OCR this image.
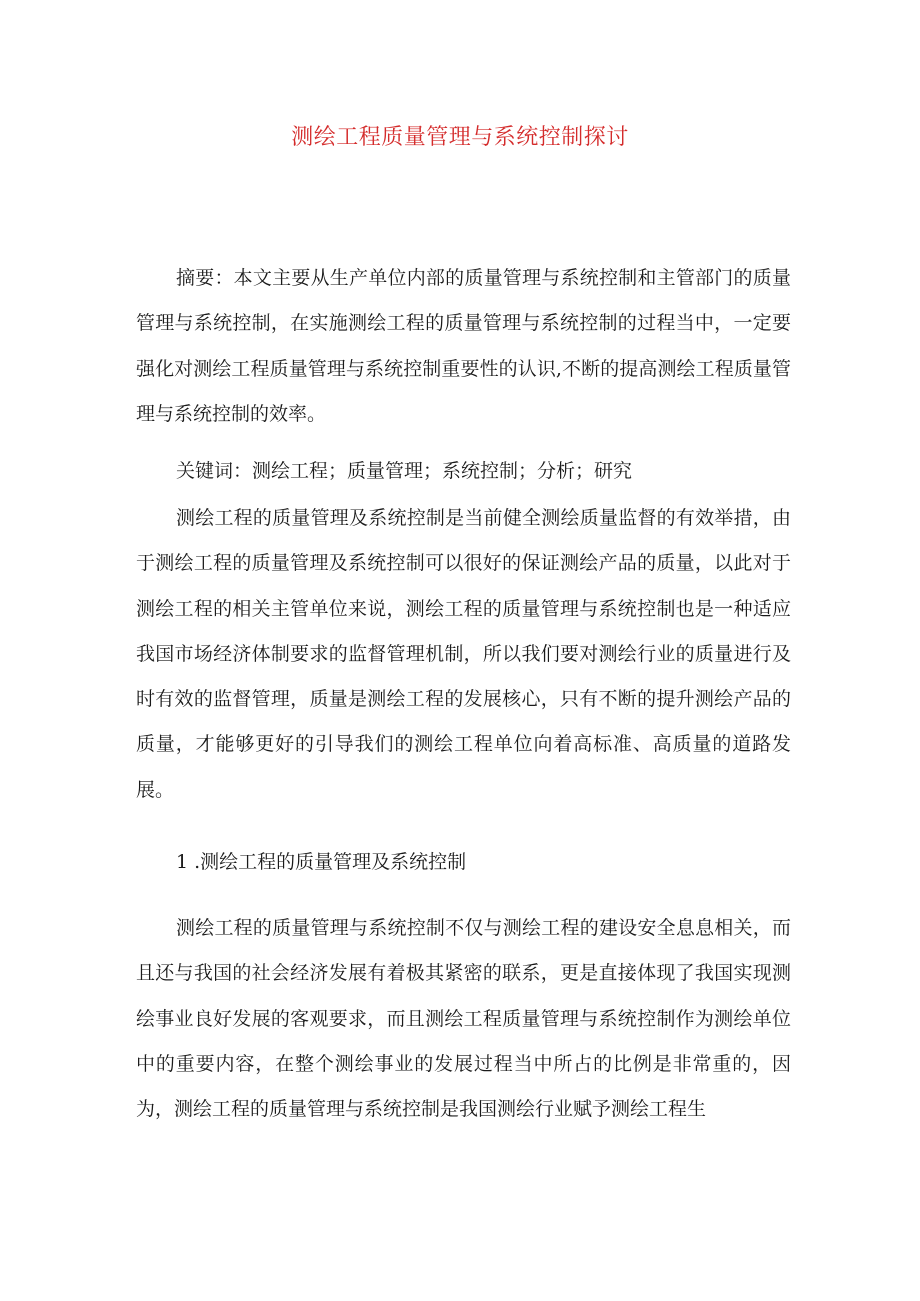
测绘工程质量管理与系统控制探讨

摘要：本文主要从生产单位内部的质量管理与系统控制和主管部门的质量管理与系统控制，在实施测绘工程的质量管理与系统控制的过程当中，一定要强化对测绘工程质量管理与系统控制重要性的认识,不断的提高测绘工程质量管理与系统控制的效率。

关键词：测绘工程；质量管理；系统控制；分析；研究

测绘工程的质量管理及系统控制是当前健全测绘质量监督的有效举措，由于测绘工程的质量管理及系统控制可以很好的保证测绘产品的质量，以此对于测绘工程的相关主管单位来说，测绘工程的质量管理与系统控制也是一种适应我国市场经济体制要求的监督管理机制，所以我们要对测绘行业的质量进行及时有效的监督管理，质量是测绘工程的发展核心，只有不断的提升测绘产品的质量，才能够更好的引导我们的测绘工程单位向着高标准、高质量的道路发展。

1 .测绘工程的质量管理及系统控制

测绘工程的质量管理与系统控制不仅与测绘工程的建设安全息息相关，而且还与我国的社会经济发展有着极其紧密的联系，更是直接体现了我国实现测绘事业良好发展的客观要求，而且测绘工程质量管理与系统控制作为测绘单位中的重要内容，在整个测绘事业的发展过程当中所占的比例是非常重的，因为，测绘工程的质量管理与系统控制是我国测绘行业赋予测绘工程生
